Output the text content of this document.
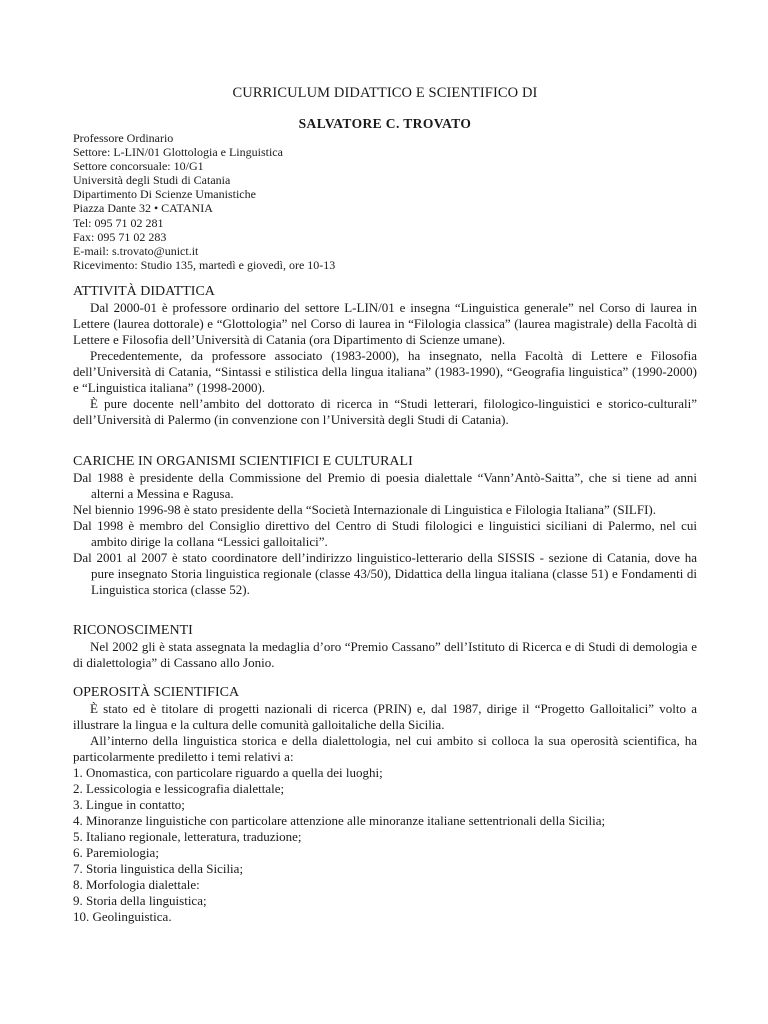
CURRICULUM DIDATTICO E SCIENTIFICO DI
SALVATORE C. TROVATO
Professore Ordinario
Settore: L-LIN/01 Glottologia e Linguistica
Settore concorsuale: 10/G1
Università degli Studi di Catania
Dipartimento Di Scienze Umanistiche
Piazza Dante 32 • CATANIA
Tel: 095 71 02 281
Fax: 095 71 02 283
E-mail: s.trovato@unict.it
Ricevimento: Studio 135, martedì e giovedì, ore 10-13
ATTIVITÀ DIDATTICA

Dal 2000-01 è professore ordinario del settore L-LIN/01 e insegna “Linguistica generale” nel Corso di laurea in Lettere (laurea dottorale) e “Glottologia” nel Corso di laurea in “Filologia classica” (laurea magistrale) della Facoltà di Lettere e Filosofia dell’Università di Catania (ora Dipartimento di Scienze umane).

Precedentemente, da professore associato (1983-2000), ha insegnato, nella Facoltà di Lettere e Filosofia dell’Università di Catania, “Sintassi e stilistica della lingua italiana” (1983-1990), “Geografia linguistica” (1990-2000) e “Linguistica italiana” (1998-2000).

È pure docente nell’ambito del dottorato di ricerca in “Studi letterari, filologico-linguistici e storico-culturali” dell’Università di Palermo (in convenzione con l’Università degli Studi di Catania).

CARICHE IN ORGANISMI SCIENTIFICI E CULTURALI

Dal 1988 è presidente della Commissione del Premio di poesia dialettale “Vann’Antò-Saitta”, che si tiene ad anni alterni a Messina e Ragusa.

Nel biennio 1996-98 è stato presidente della “Società Internazionale di Linguistica e Filologia Italiana” (SILFI).

Dal 1998 è membro del Consiglio direttivo del Centro di Studi filologici e linguistici siciliani di Palermo, nel cui ambito dirige la collana “Lessici galloitalici”.

Dal 2001 al 2007 è stato coordinatore dell’indirizzo linguistico-letterario della SISSIS - sezione di Catania, dove ha pure insegnato Storia linguistica regionale (classe 43/50), Didattica della lingua italiana (classe 51) e Fondamenti di Linguistica storica (classe 52).

RICONOSCIMENTI

Nel 2002 gli è stata assegnata la medaglia d’oro “Premio Cassano” dell’Istituto di Ricerca e di Studi di demologia e di dialettologia” di Cassano allo Jonio.

OPEROSITÀ SCIENTIFICA

È stato ed è titolare di progetti nazionali di ricerca (PRIN) e, dal 1987, dirige il “Progetto Galloitalici” volto a illustrare la lingua e la cultura delle comunità galloitaliche della Sicilia.

All’interno della linguistica storica e della dialettologia, nel cui ambito si colloca la sua operosità scientifica, ha particolarmente prediletto i temi relativi a:

1. Onomastica, con particolare riguardo a quella dei luoghi;
2. Lessicologia e lessicografia dialettale;
3. Lingue in contatto;
4. Minoranze linguistiche con particolare attenzione alle minoranze italiane settentrionali della Sicilia;
5. Italiano regionale, letteratura, traduzione;
6. Paremiologia;
7. Storia linguistica della Sicilia;
8. Morfologia dialettale:
9. Storia della linguistica;
10. Geolinguistica.
